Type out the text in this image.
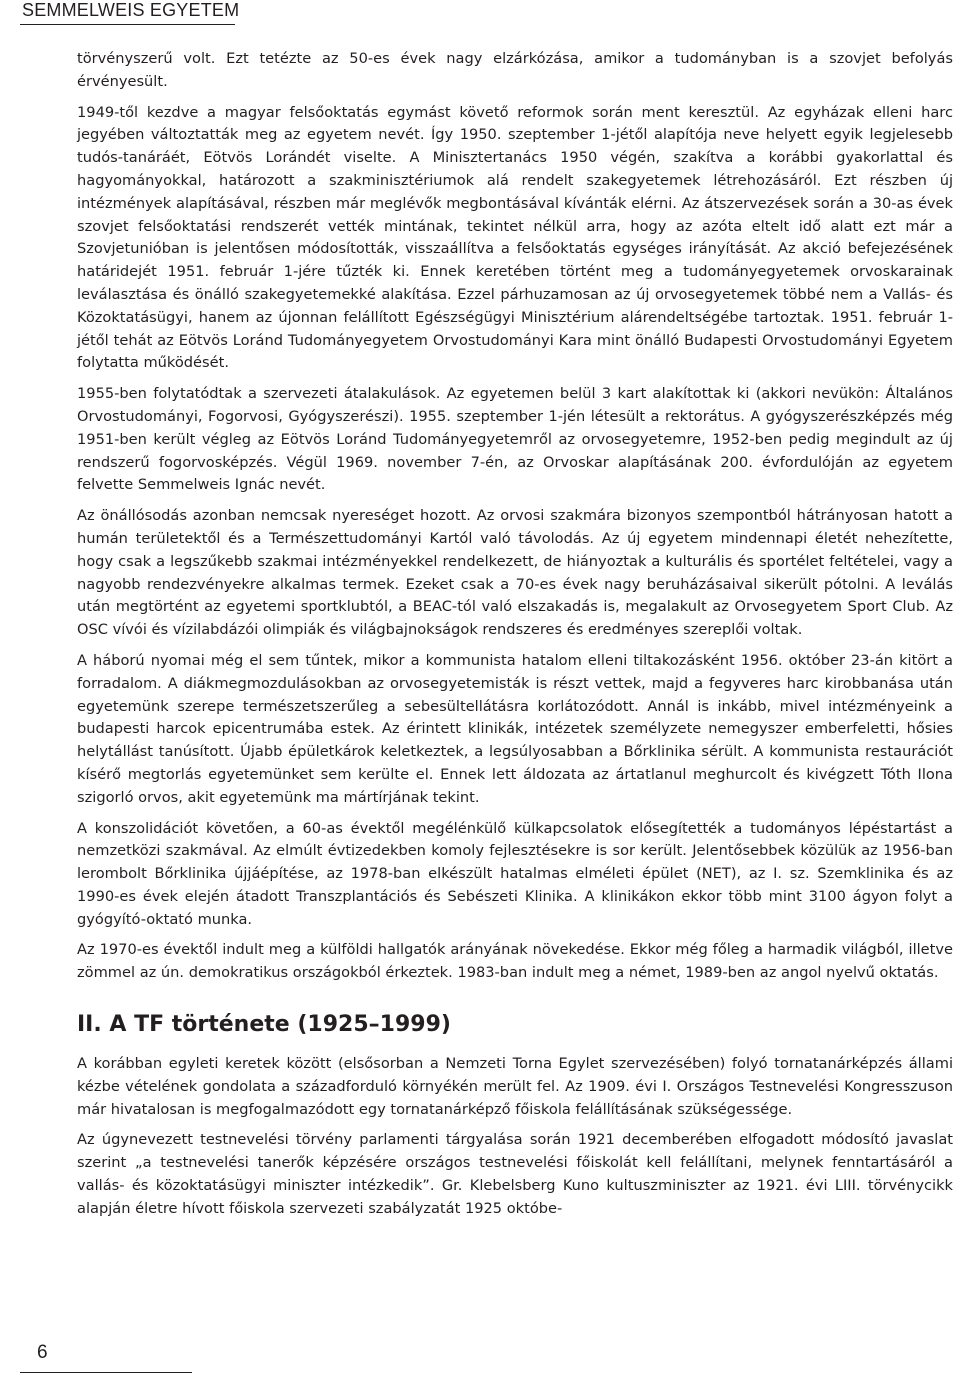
SEMMELWEIS EGYETEM

törvényszerű volt. Ezt tetézte az 50-es évek nagy elzárkózása, amikor a tudományban is a szovjet befolyás érvényesült.

1949-től kezdve a magyar felsőoktatás egymást követő reformok során ment keresztül. Az egyházak elleni harc jegyében változtatták meg az egyetem nevét. Így 1950. szeptember 1-jétől alapítója neve helyett egyik legjelesebb tudós-tanáráét, Eötvös Lorándét viselte. A Minisztertanács 1950 végén, szakítva a korábbi gyakorlattal és hagyományokkal, határozott a szakminisztériumok alá rendelt szakegyetemek létrehozásáról. Ezt részben új intézmények alapításával, részben már meglévők megbontásával kívánták elérni. Az átszervezések során a 30-as évek szovjet felsőoktatási rendszerét vették mintának, tekintet nélkül arra, hogy az azóta eltelt idő alatt ezt már a Szovjetunióban is jelentősen módosították, visszaállítva a felsőoktatás egységes irányítását. Az akció befejezésének határidejét 1951. február 1-jére tűzték ki. Ennek keretében történt meg a tudományegyetemek orvoskarainak leválasztása és önálló szakegyetemekké alakítása. Ezzel párhuzamosan az új orvosegyetemek többé nem a Vallás- és Közoktatásügyi, hanem az újonnan felállított Egészségügyi Minisztérium alárendeltségébe tartoztak. 1951. február 1-jétől tehát az Eötvös Loránd Tudományegyetem Orvostudományi Kara mint önálló Budapesti Orvostudományi Egyetem folytatta működését.

1955-ben folytatódtak a szervezeti átalakulások. Az egyetemen belül 3 kart alakítottak ki (akkori nevükön: Általános Orvostudományi, Fogorvosi, Gyógyszerészi). 1955. szeptember 1-jén létesült a rektorátus. A gyógyszerészképzés még 1951-ben került végleg az Eötvös Loránd Tudományegyetemről az orvosegyetemre, 1952-ben pedig megindult az új rendszerű fogorvosképzés. Végül 1969. november 7-én, az Orvoskar alapításának 200. évfordulóján az egyetem felvette Semmelweis Ignác nevét.

Az önállósodás azonban nemcsak nyereséget hozott. Az orvosi szakmára bizonyos szempontból hátrányosan hatott a humán területektől és a Természettudományi Kartól való távolodás. Az új egyetem mindennapi életét nehezítette, hogy csak a legszűkebb szakmai intézményekkel rendelkezett, de hiányoztak a kulturális és sportélet feltételei, vagy a nagyobb rendezvényekre alkalmas termek. Ezeket csak a 70-es évek nagy beruházásaival sikerült pótolni. A leválás után megtörtént az egyetemi sportklubtól, a BEAC-tól való elszakadás is, megalakult az Orvosegyetem Sport Club. Az OSC vívói és vízilabdázói olimpiák és világbajnokságok rendszeres és eredményes szereplői voltak.

A háború nyomai még el sem tűntek, mikor a kommunista hatalom elleni tiltakozásként 1956. október 23-án kitört a forradalom. A diákmegmozdulásokban az orvosegyetemisták is részt vettek, majd a fegyveres harc kirobbanása után egyetemünk szerepe természetszerűleg a sebesültellátásra korlátozódott. Annál is inkább, mivel intézményeink a budapesti harcok epicentrumába estek. Az érintett klinikák, intézetek személyzete nemegyszer emberfeletti, hősies helytállást tanúsított. Újabb épületkárok keletkeztek, a legsúlyosabban a Bőrklinika sérült. A kommunista restaurációt kísérő megtorlás egyetemünket sem kerülte el. Ennek lett áldozata az ártatlanul meghurcolt és kivégzett Tóth Ilona szigorló orvos, akit egyetemünk ma mártírjának tekint.

A konszolidációt követően, a 60-as évektől megélénkülő külkapcsolatok elősegítették a tudományos lépéstartást a nemzetközi szakmával. Az elmúlt évtizedekben komoly fejlesztésekre is sor került. Jelentősebbek közülük az 1956-ban lerombolt Bőrklinika újjáépítése, az 1978-ban elkészült hatalmas elméleti épület (NET), az I. sz. Szemklinika és az 1990-es évek elején átadott Transzplantációs és Sebészeti Klinika. A klinikákon ekkor több mint 3100 ágyon folyt a gyógyító-oktató munka.

Az 1970-es évektől indult meg a külföldi hallgatók arányának növekedése. Ekkor még főleg a harmadik világból, illetve zömmel az ún. demokratikus országokból érkeztek. 1983-ban indult meg a német, 1989-ben az angol nyelvű oktatás.

II. A TF története (1925–1999)

A korábban egyleti keretek között (elsősorban a Nemzeti Torna Egylet szervezésében) folyó tornatanárképzés állami kézbe vételének gondolata a századforduló környékén merült fel. Az 1909. évi I. Országos Testnevelési Kongresszuson már hivatalosan is megfogalmazódott egy tornatanárképző főiskola felállításának szükségessége.

Az úgynevezett testnevelési törvény parlamenti tárgyalása során 1921 decemberében elfogadott módosító javaslat szerint „a testnevelési tanerők képzésére országos testnevelési főiskolát kell felállítani, melynek fenntartásáról a vallás- és közoktatásügyi miniszter intézkedik”. Gr. Klebelsberg Kuno kultuszminiszter az 1921. évi LIII. törvénycikk alapján életre hívott főiskola szervezeti szabályzatát 1925 októbe-

6
